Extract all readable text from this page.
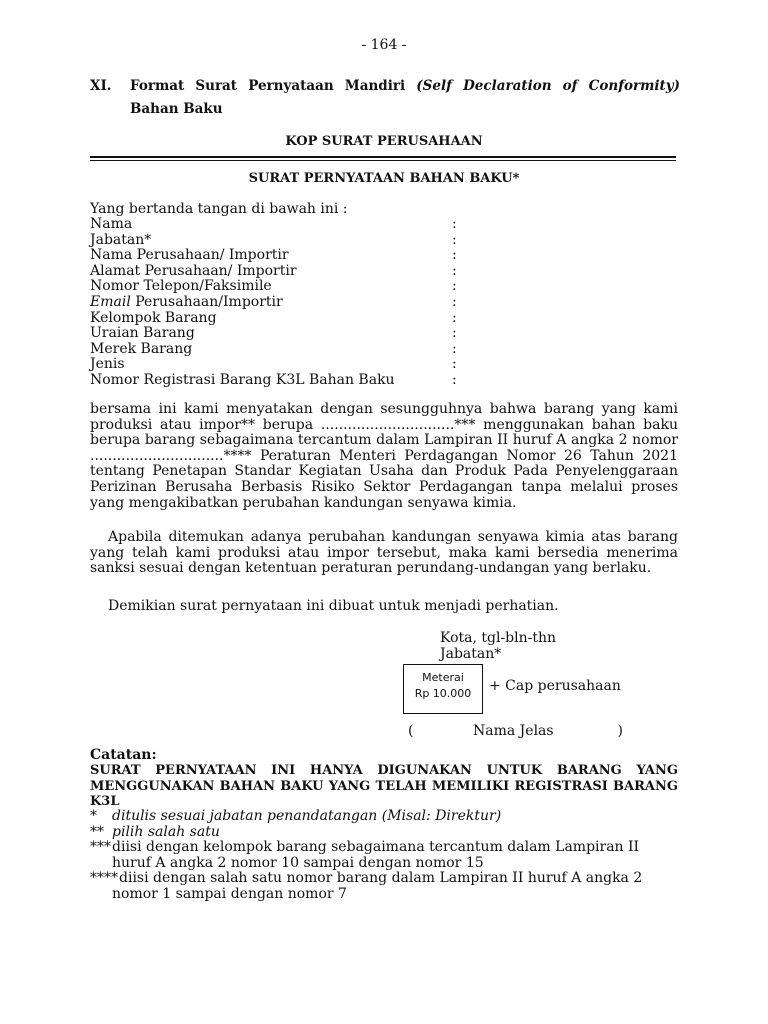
- 164 -
XI. Format Surat Pernyataan Mandiri (Self Declaration of Conformity)
Bahan Baku
KOP SURAT PERUSAHAAN
SURAT PERNYATAAN BAHAN BAKU*
Yang bertanda tangan di bawah ini :
Nama	:
Jabatan*	:
Nama Perusahaan/ Importir	:
Alamat Perusahaan/ Importir	:
Nomor Telepon/Faksimile	:
Email Perusahaan/Importir	:
Kelompok Barang	:
Uraian Barang	:
Merek Barang	:
Jenis	:
Nomor Registrasi Barang K3L Bahan Baku	:
bersama ini kami menyatakan dengan sesungguhnya bahwa barang yang kami produksi atau impor** berupa ..............................*** menggunakan bahan baku berupa barang sebagaimana tercantum dalam Lampiran II huruf A angka 2 nomor ..............................**** Peraturan Menteri Perdagangan Nomor 26 Tahun 2021 tentang Penetapan Standar Kegiatan Usaha dan Produk Pada Penyelenggaraan Perizinan Berusaha Berbasis Risiko Sektor Perdagangan tanpa melalui proses yang mengakibatkan perubahan kandungan senyawa kimia.
Apabila ditemukan adanya perubahan kandungan senyawa kimia atas barang yang telah kami produksi atau impor tersebut, maka kami bersedia menerima sanksi sesuai dengan ketentuan peraturan perundang-undangan yang berlaku.
Demikian surat pernyataan ini dibuat untuk menjadi perhatian.
Kota, tgl-bln-thn
Jabatan*
Meterai
Rp 10.000	+ Cap perusahaan
(	Nama Jelas	)
Catatan:
SURAT PERNYATAAN INI HANYA DIGUNAKAN UNTUK BARANG YANG MENGGUNAKAN BAHAN BAKU YANG TELAH MEMILIKI REGISTRASI BARANG K3L
*	ditulis sesuai jabatan penandatangan (Misal: Direktur)
** pilih salah satu
*** diisi dengan kelompok barang sebagaimana tercantum dalam Lampiran II huruf A angka 2 nomor 10 sampai dengan nomor 15
**** diisi dengan salah satu nomor barang dalam Lampiran II huruf A angka 2 nomor 1 sampai dengan nomor 7
